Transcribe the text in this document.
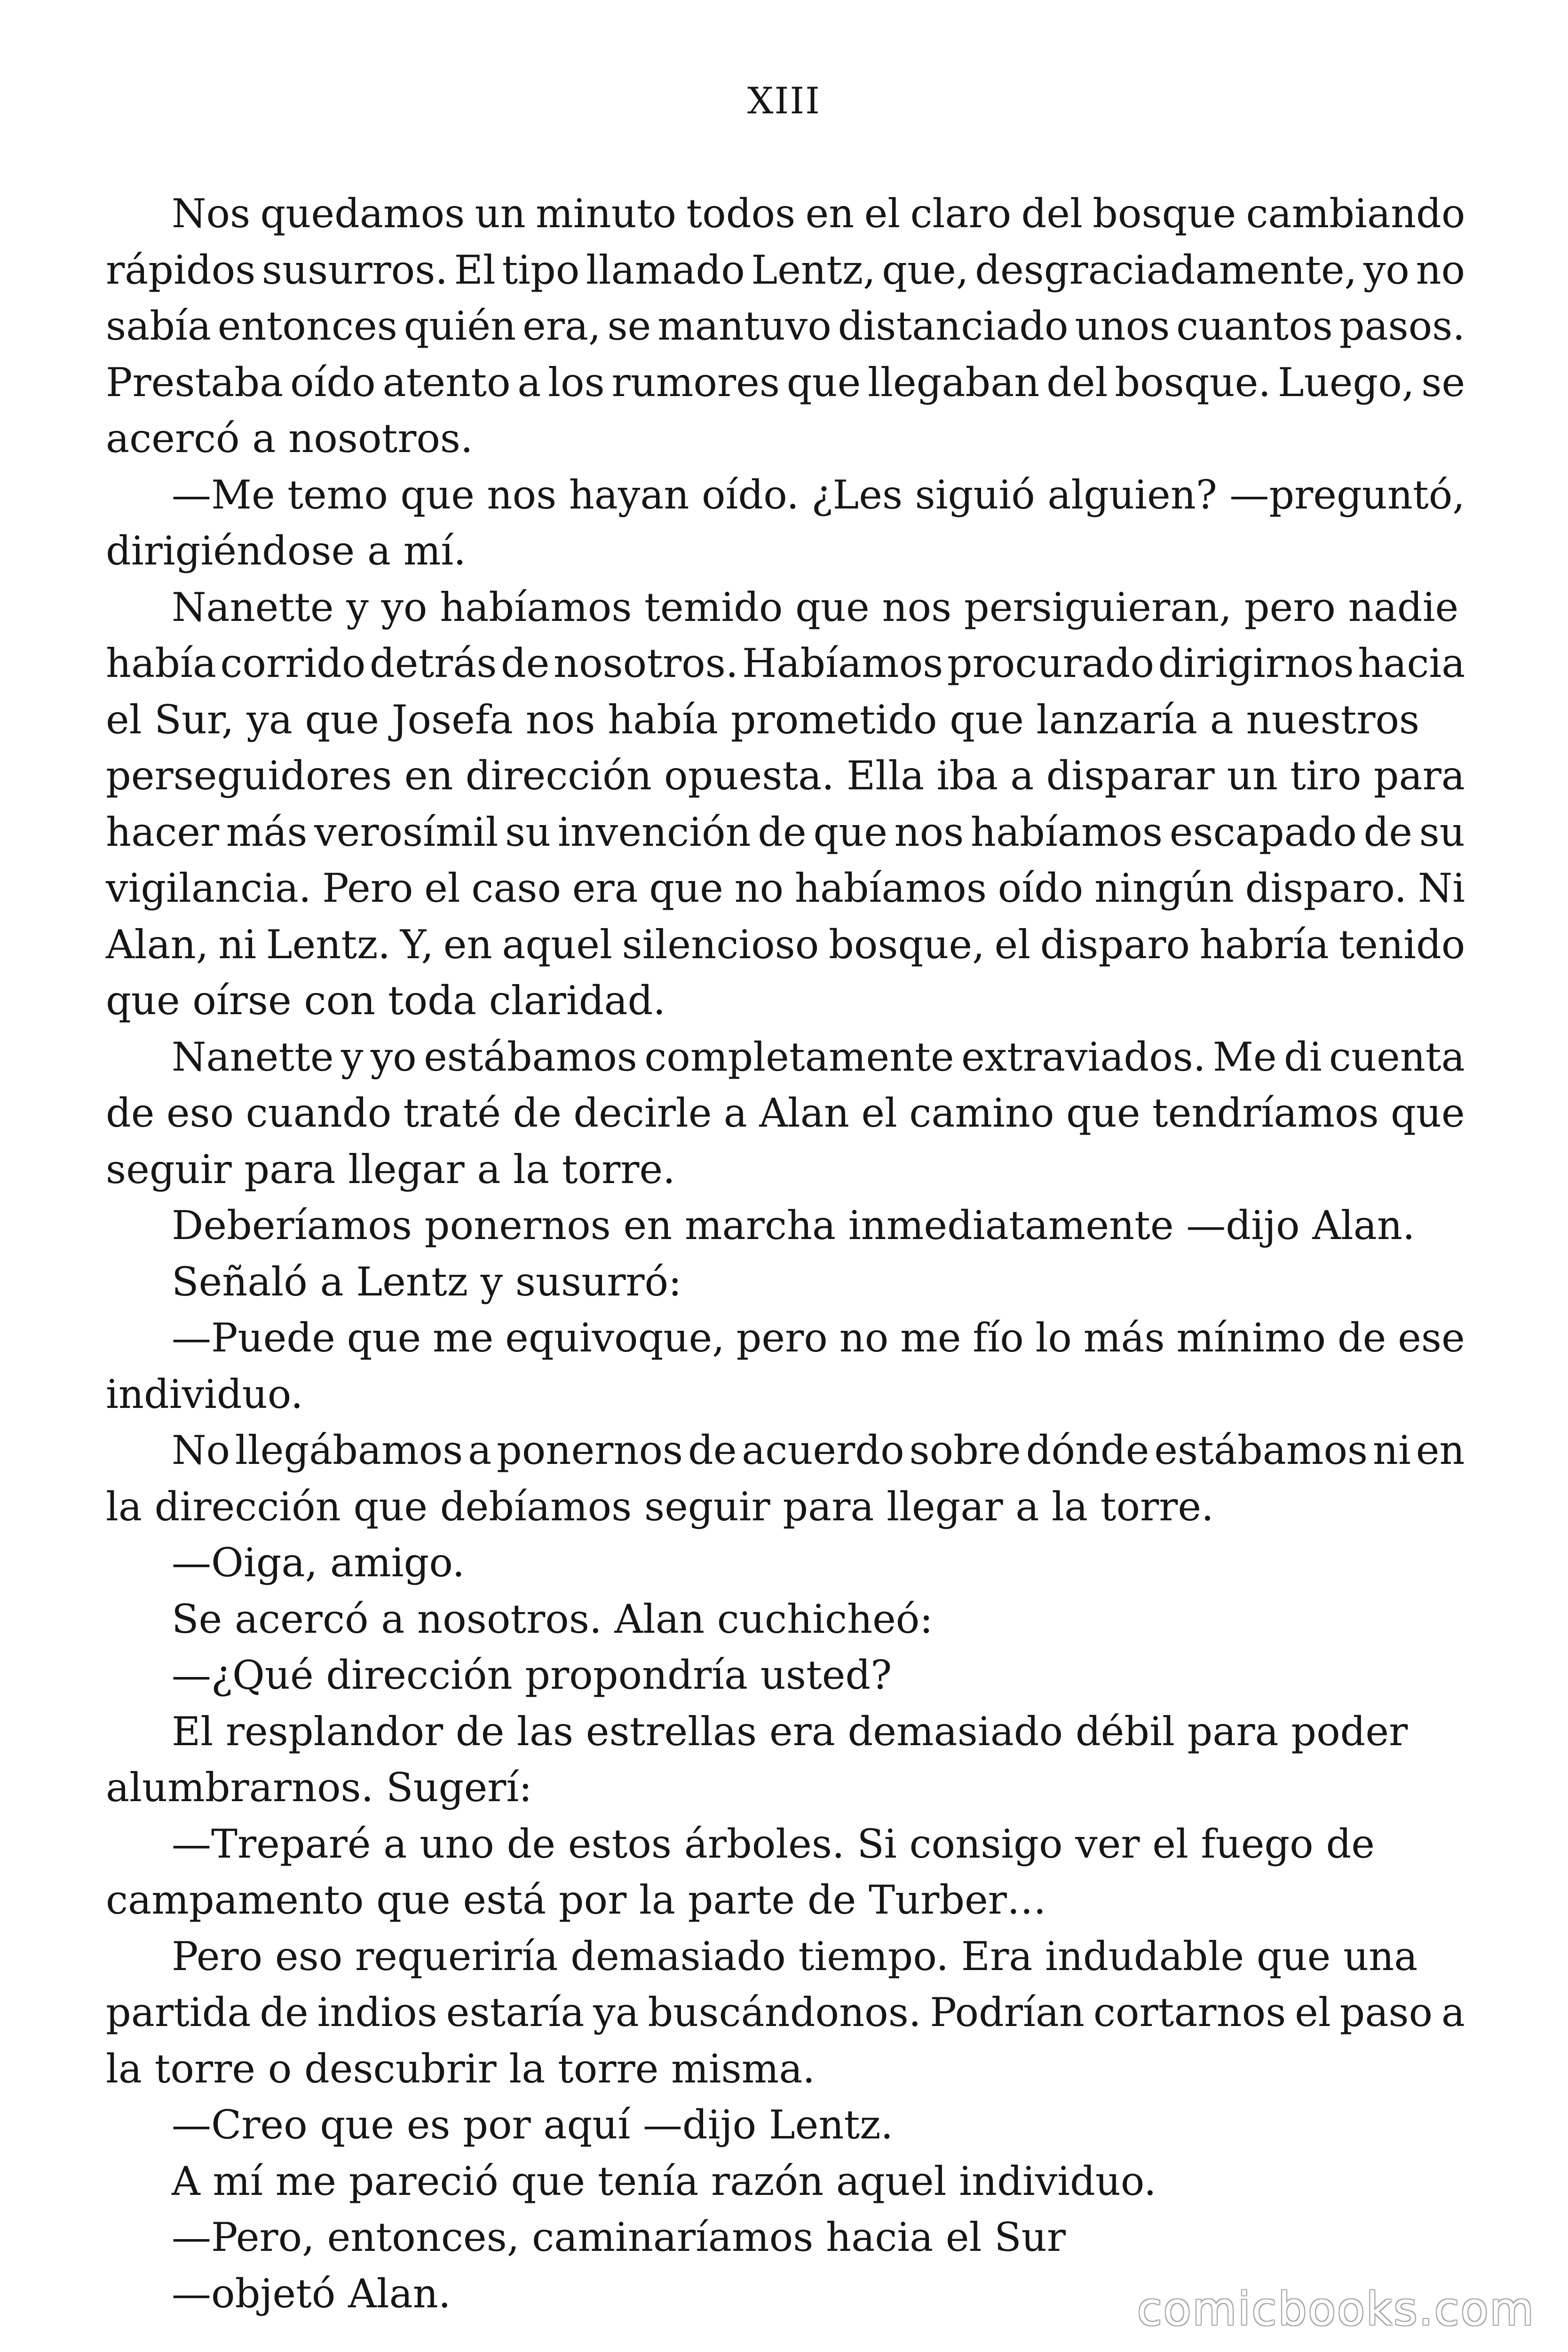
XIII
Nos quedamos un minuto todos en el claro del bosque cambiando
rápidos susurros. El tipo llamado Lentz, que, desgraciadamente, yo no
sabía entonces quién era, se mantuvo distanciado unos cuantos pasos.
Prestaba oído atento a los rumores que llegaban del bosque. Luego, se
acercó a nosotros.
—Me temo que nos hayan oído. ¿Les siguió alguien? —preguntó,
dirigiéndose a mí.
Nanette y yo habíamos temido que nos persiguieran, pero nadie
había corrido detrás de nosotros. Habíamos procurado dirigirnos hacia
el Sur, ya que Josefa nos había prometido que lanzaría a nuestros
perseguidores en dirección opuesta. Ella iba a disparar un tiro para
hacer más verosímil su invención de que nos habíamos escapado de su
vigilancia. Pero el caso era que no habíamos oído ningún disparo. Ni
Alan, ni Lentz. Y, en aquel silencioso bosque, el disparo habría tenido
que oírse con toda claridad.
Nanette y yo estábamos completamente extraviados. Me di cuenta
de eso cuando traté de decirle a Alan el camino que tendríamos que
seguir para llegar a la torre.
Deberíamos ponernos en marcha inmediatamente —dijo Alan.
Señaló a Lentz y susurró:
—Puede que me equivoque, pero no me fío lo más mínimo de ese
individuo.
No llegábamos a ponernos de acuerdo sobre dónde estábamos ni en
la dirección que debíamos seguir para llegar a la torre.
—Oiga, amigo.
Se acercó a nosotros. Alan cuchicheó:
—¿Qué dirección propondría usted?
El resplandor de las estrellas era demasiado débil para poder
alumbrarnos. Sugerí:
—Treparé a uno de estos árboles. Si consigo ver el fuego de
campamento que está por la parte de Turber…
Pero eso requeriría demasiado tiempo. Era indudable que una
partida de indios estaría ya buscándonos. Podrían cortarnos el paso a
la torre o descubrir la torre misma.
—Creo que es por aquí —dijo Lentz.
A mí me pareció que tenía razón aquel individuo.
—Pero, entonces, caminaríamos hacia el Sur
—objetó Alan.	comicbooks.com
